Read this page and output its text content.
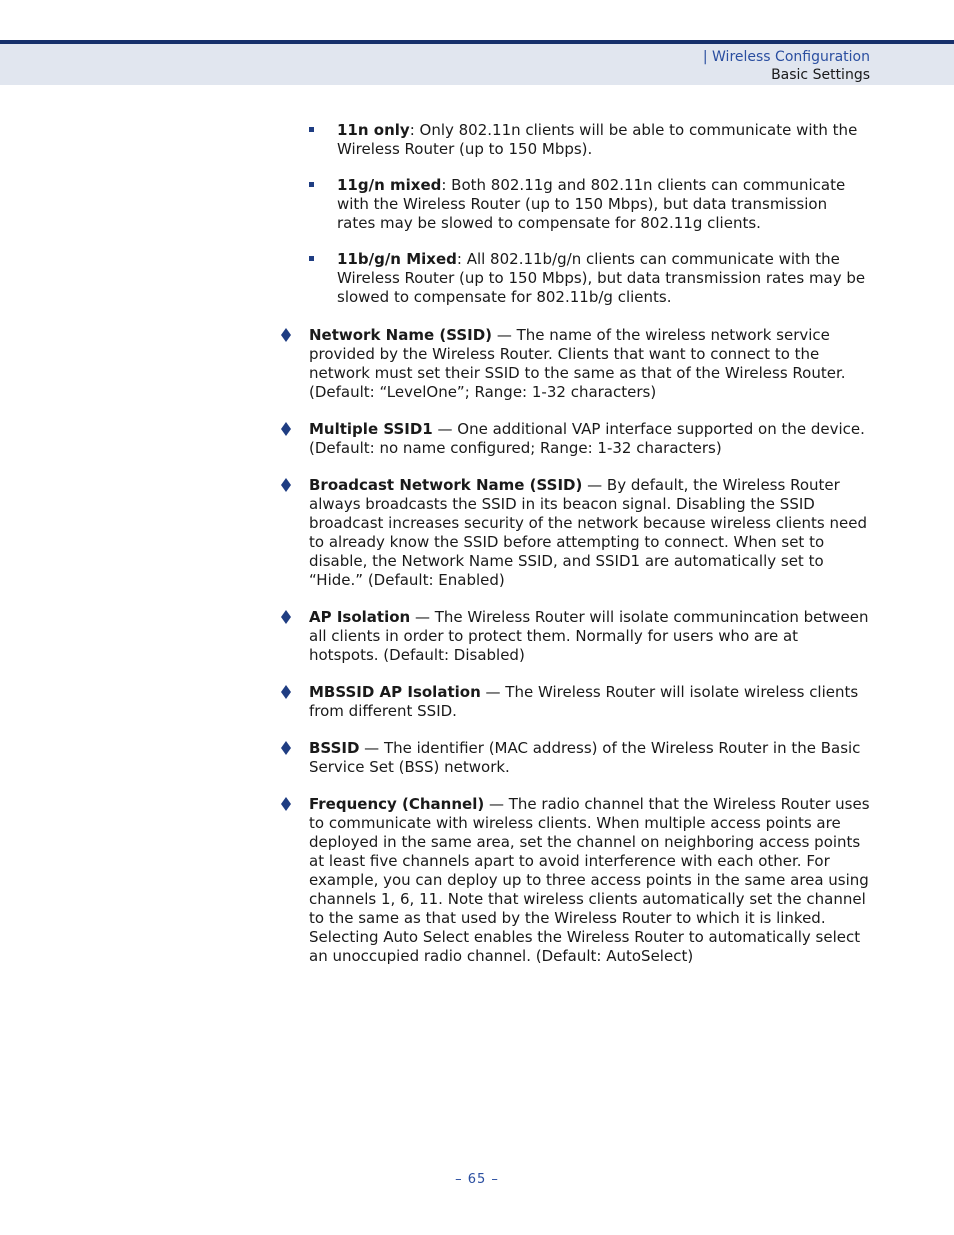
| Wireless Configuration
Basic Settings
11n only: Only 802.11n clients will be able to communicate with the Wireless Router (up to 150 Mbps).
11g/n mixed: Both 802.11g and 802.11n clients can communicate with the Wireless Router (up to 150 Mbps), but data transmission rates may be slowed to compensate for 802.11g clients.
11b/g/n Mixed: All 802.11b/g/n clients can communicate with the Wireless Router (up to 150 Mbps), but data transmission rates may be slowed to compensate for 802.11b/g clients.
Network Name (SSID) — The name of the wireless network service provided by the Wireless Router. Clients that want to connect to the network must set their SSID to the same as that of the Wireless Router. (Default: “LevelOne”; Range: 1-32 characters)
Multiple SSID1 — One additional VAP interface supported on the device. (Default: no name configured; Range: 1-32 characters)
Broadcast Network Name (SSID) — By default, the Wireless Router always broadcasts the SSID in its beacon signal. Disabling the SSID broadcast increases security of the network because wireless clients need to already know the SSID before attempting to connect. When set to disable, the Network Name SSID, and SSID1 are automatically set to “Hide.” (Default: Enabled)
AP Isolation — The Wireless Router will isolate communincation between all clients in order to protect them. Normally for users who are at hotspots. (Default: Disabled)
MBSSID AP Isolation — The Wireless Router will isolate wireless clients from different SSID.
BSSID — The identifier (MAC address) of the Wireless Router in the Basic Service Set (BSS) network.
Frequency (Channel) — The radio channel that the Wireless Router uses to communicate with wireless clients. When multiple access points are deployed in the same area, set the channel on neighboring access points at least five channels apart to avoid interference with each other. For example, you can deploy up to three access points in the same area using channels 1, 6, 11. Note that wireless clients automatically set the channel to the same as that used by the Wireless Router to which it is linked. Selecting Auto Select enables the Wireless Router to automatically select an unoccupied radio channel. (Default: AutoSelect)
– 65 –
